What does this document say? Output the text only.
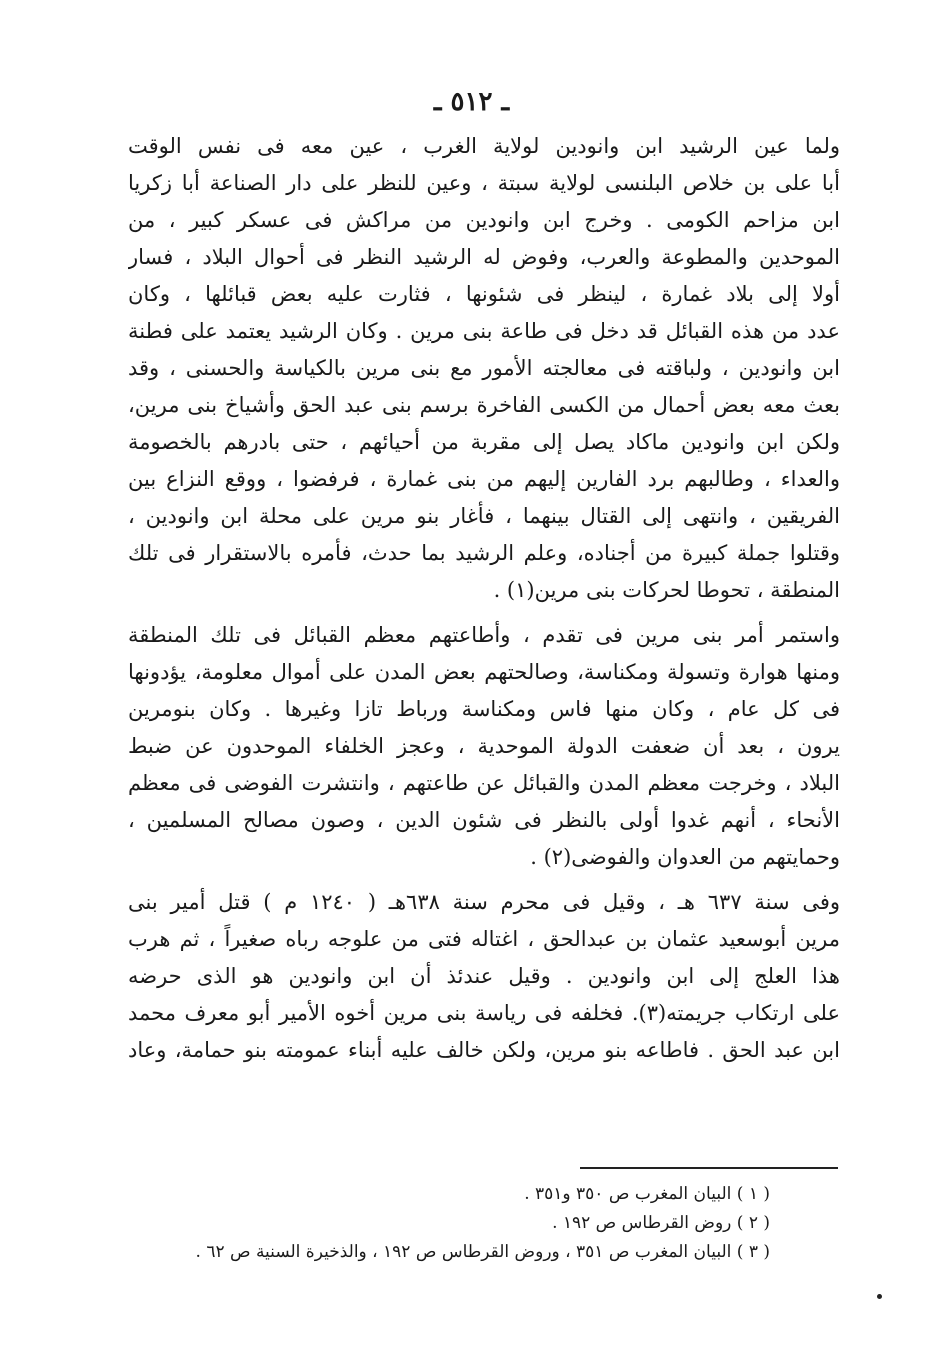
ـ ٥١٢ ـ
ولما عين الرشيد ابن وانودين لولاية الغرب ، عين معه فى نفس الوقت
أبا على بن خلاص البلنسى لولاية سبتة ، وعين للنظر على دار الصناعة أبا زكريا
ابن مزاحم الكومى . وخرج ابن وانودين من مراكش فى عسكر كبير ، من
الموحدين والمطوعة والعرب، وفوض له الرشيد النظر فى أحوال البلاد ، فسار
أولا إلى بلاد غمارة ، لينظر فى شئونها ، فثارت عليه بعض قبائلها ، وكان
عدد من هذه القبائل قد دخل فى طاعة بنى مرين . وكان الرشيد يعتمد على فطنة
ابن وانودين ، ولباقته فى معالجته الأمور مع بنى مرين بالكياسة والحسنى ، وقد
بعث معه بعض أحمال من الكسى الفاخرة برسم بنى عبد الحق وأشياخ بنى مرين،
ولكن ابن وانودين ماكاد يصل إلى مقربة من أحيائهم ، حتى بادرهم بالخصومة
والعداء ، وطالبهم برد الفارين إليهم من بنى غمارة ، فرفضوا ، ووقع النزاع بين
الفريقين ، وانتهى إلى القتال بينهما ، فأغار بنو مرين على محلة ابن وانودين ،
وقتلوا جملة كبيرة من أجناده، وعلم الرشيد بما حدث، فأمره بالاستقرار فى تلك
المنطقة ، تحوطا لحركات بنى مرين(١) .
واستمر أمر بنى مرين فى تقدم ، وأطاعتهم معظم القبائل فى تلك المنطقة
ومنها هوارة وتسولة ومكناسة، وصالحتهم بعض المدن على أموال معلومة، يؤدونها
فى كل عام ، وكان منها فاس ومكناسة ورباط تازا وغيرها . وكان بنومرين
يرون ، بعد أن ضعفت الدولة الموحدية ، وعجز الخلفاء الموحدون عن ضبط
البلاد ، وخرجت معظم المدن والقبائل عن طاعتهم ، وانتشرت الفوضى فى معظم
الأنحاء ، أنهم غدوا أولى بالنظر فى شئون الدين ، وصون مصالح المسلمين ،
وحمايتهم من العدوان والفوضى(٢) .
وفى سنة ٦٣٧ هـ ، وقيل فى محرم سنة ٦٣٨هـ ( ١٢٤٠ م ) قتل أمير بنى
مرين أبوسعيد عثمان بن عبدالحق ، اغتاله فتى من علوجه رباه صغيراً ، ثم هرب
هذا العلج إلى ابن وانودين . وقيل عندئذ أن ابن وانودين هو الذى حرضه
على ارتكاب جريمته(٣). فخلفه فى رياسة بنى مرين أخوه الأمير أبو معرف محمد
ابن عبد الحق . فاطاعه بنو مرين، ولكن خالف عليه أبناء عمومته بنو حمامة، وعاد
( ١ ) البيان المغرب ص ٣٥٠ و٣٥١ .
( ٢ ) روض القرطاس ص ١٩٢ .
( ٣ ) البيان المغرب ص ٣٥١ ، وروض القرطاس ص ١٩٢ ، والذخيرة السنية ص ٦٢ .
